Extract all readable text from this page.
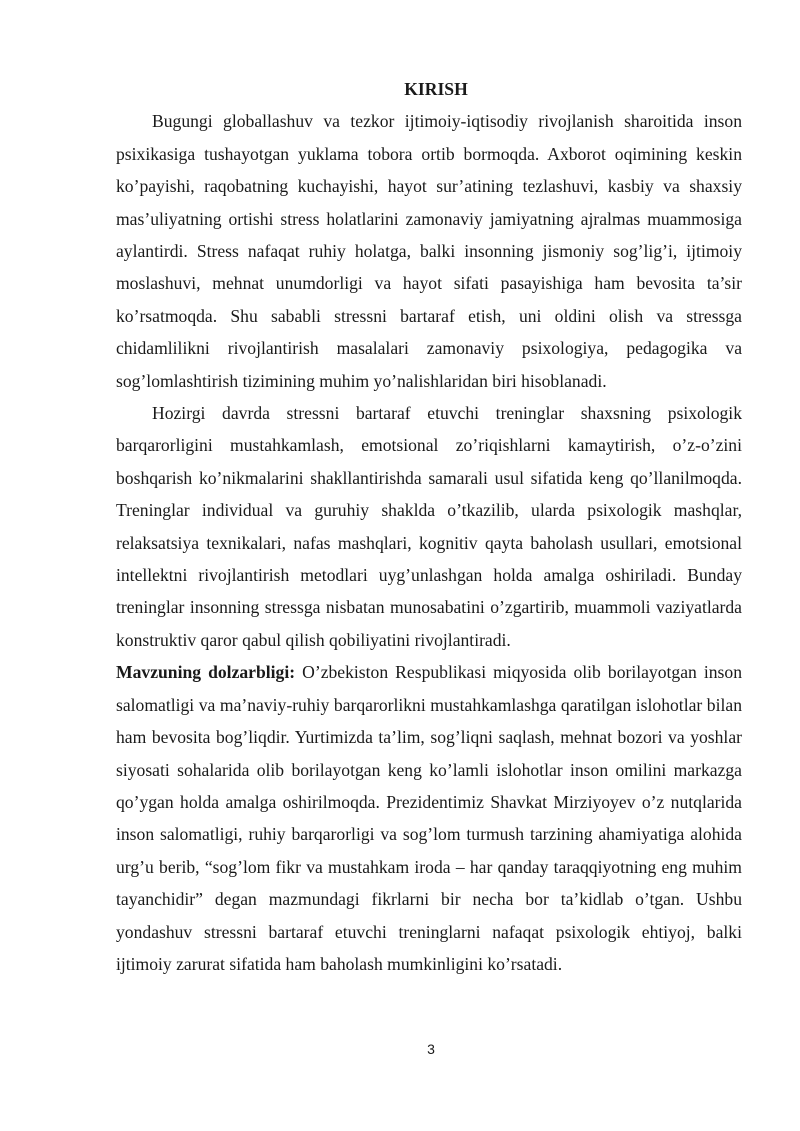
KIRISH

Bugungi globallashuv va tezkor ijtimoiy-iqtisodiy rivojlanish sharoitida inson psixikasiga tushayotgan yuklama tobora ortib bormoqda. Axborot oqimining keskin ko’payishi, raqobatning kuchayishi, hayot sur’atining tezlashuvi, kasbiy va shaxsiy mas’uliyatning ortishi stress holatlarini zamonaviy jamiyatning ajralmas muammosiga aylantirdi. Stress nafaqat ruhiy holatga, balki insonning jismoniy sog’lig’i, ijtimoiy moslashuvi, mehnat unumdorligi va hayot sifati pasayishiga ham bevosita ta’sir ko’rsatmoqda. Shu sababli stressni bartaraf etish, uni oldini olish va stressga chidamlilikni rivojlantirish masalalari zamonaviy psixologiya, pedagogika va sog’lomlashtirish tizimining muhim yo’nalishlaridan biri hisoblanadi.

Hozirgi davrda stressni bartaraf etuvchi treninglar shaxsning psixologik barqarorligini mustahkamlash, emotsional zo’riqishlarni kamaytirish, o’z-o’zini boshqarish ko’nikmalarini shakllantirishda samarali usul sifatida keng qo’llanilmoqda. Treninglar individual va guruhiy shaklda o’tkazilib, ularda psixologik mashqlar, relaksatsiya texnikalari, nafas mashqlari, kognitiv qayta baholash usullari, emotsional intellektni rivojlantirish metodlari uyg’unlashgan holda amalga oshiriladi. Bunday treninglar insonning stressga nisbatan munosabatini o’zgartirib, muammoli vaziyatlarda konstruktiv qaror qabul qilish qobiliyatini rivojlantiradi.

Mavzuning dolzarbligi: O’zbekiston Respublikasi miqyosida olib borilayotgan inson salomatligi va ma’naviy-ruhiy barqarorlikni mustahkamlashga qaratilgan islohotlar bilan ham bevosita bog’liqdir. Yurtimizda ta’lim, sog’liqni saqlash, mehnat bozori va yoshlar siyosati sohalarida olib borilayotgan keng ko’lamli islohotlar inson omilini markazga qo’ygan holda amalga oshirilmoqda. Prezidentimiz Shavkat Mirziyoyev o’z nutqlarida inson salomatligi, ruhiy barqarorligi va sog’lom turmush tarzining ahamiyatiga alohida urg’u berib, “sog’lom fikr va mustahkam iroda – har qanday taraqqiyotning eng muhim tayanchidir” degan mazmundagi fikrlarni bir necha bor ta’kidlab o’tgan. Ushbu yondashuv stressni bartaraf etuvchi treninglarni nafaqat psixologik ehtiyoj, balki ijtimoiy zarurat sifatida ham baholash mumkinligini ko’rsatadi.

3
